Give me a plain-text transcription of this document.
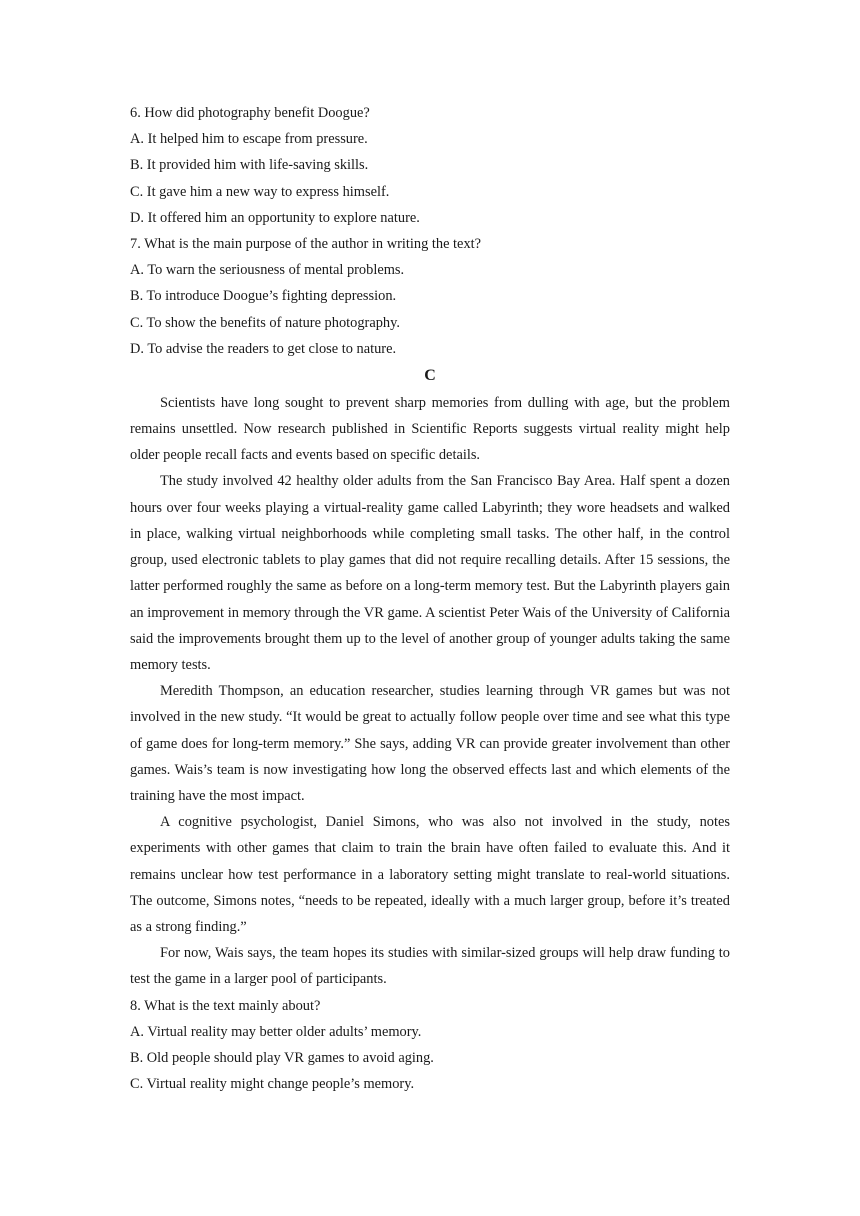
6. How did photography benefit Doogue?
A. It helped him to escape from pressure.
B. It provided him with life-saving skills.
C. It gave him a new way to express himself.
D. It offered him an opportunity to explore nature.
7. What is the main purpose of the author in writing the text?
A. To warn the seriousness of mental problems.
B. To introduce Doogue’s fighting depression.
C. To show the benefits of nature photography.
D. To advise the readers to get close to nature.
C

Scientists have long sought to prevent sharp memories from dulling with age, but the problem remains unsettled. Now research published in Scientific Reports suggests virtual reality might help older people recall facts and events based on specific details.

The study involved 42 healthy older adults from the San Francisco Bay Area. Half spent a dozen hours over four weeks playing a virtual-reality game called Labyrinth; they wore headsets and walked in place, walking virtual neighborhoods while completing small tasks. The other half, in the control group, used electronic tablets to play games that did not require recalling details. After 15 sessions, the latter performed roughly the same as before on a long-term memory test. But the Labyrinth players gain an improvement in memory through the VR game. A scientist Peter Wais of the University of California said the improvements brought them up to the level of another group of younger adults taking the same memory tests.

Meredith Thompson, an education researcher, studies learning through VR games but was not involved in the new study. “It would be great to actually follow people over time and see what this type of game does for long-term memory.” She says, adding VR can provide greater involvement than other games. Wais’s team is now investigating how long the observed effects last and which elements of the training have the most impact.

A cognitive psychologist, Daniel Simons, who was also not involved in the study, notes experiments with other games that claim to train the brain have often failed to evaluate this. And it remains unclear how test performance in a laboratory setting might translate to real-world situations. The outcome, Simons notes, “needs to be repeated, ideally with a much larger group, before it’s treated as a strong finding.”

For now, Wais says, the team hopes its studies with similar-sized groups will help draw funding to test the game in a larger pool of participants.

8. What is the text mainly about?
A. Virtual reality may better older adults’ memory.
B. Old people should play VR games to avoid aging.
C. Virtual reality might change people’s memory.
